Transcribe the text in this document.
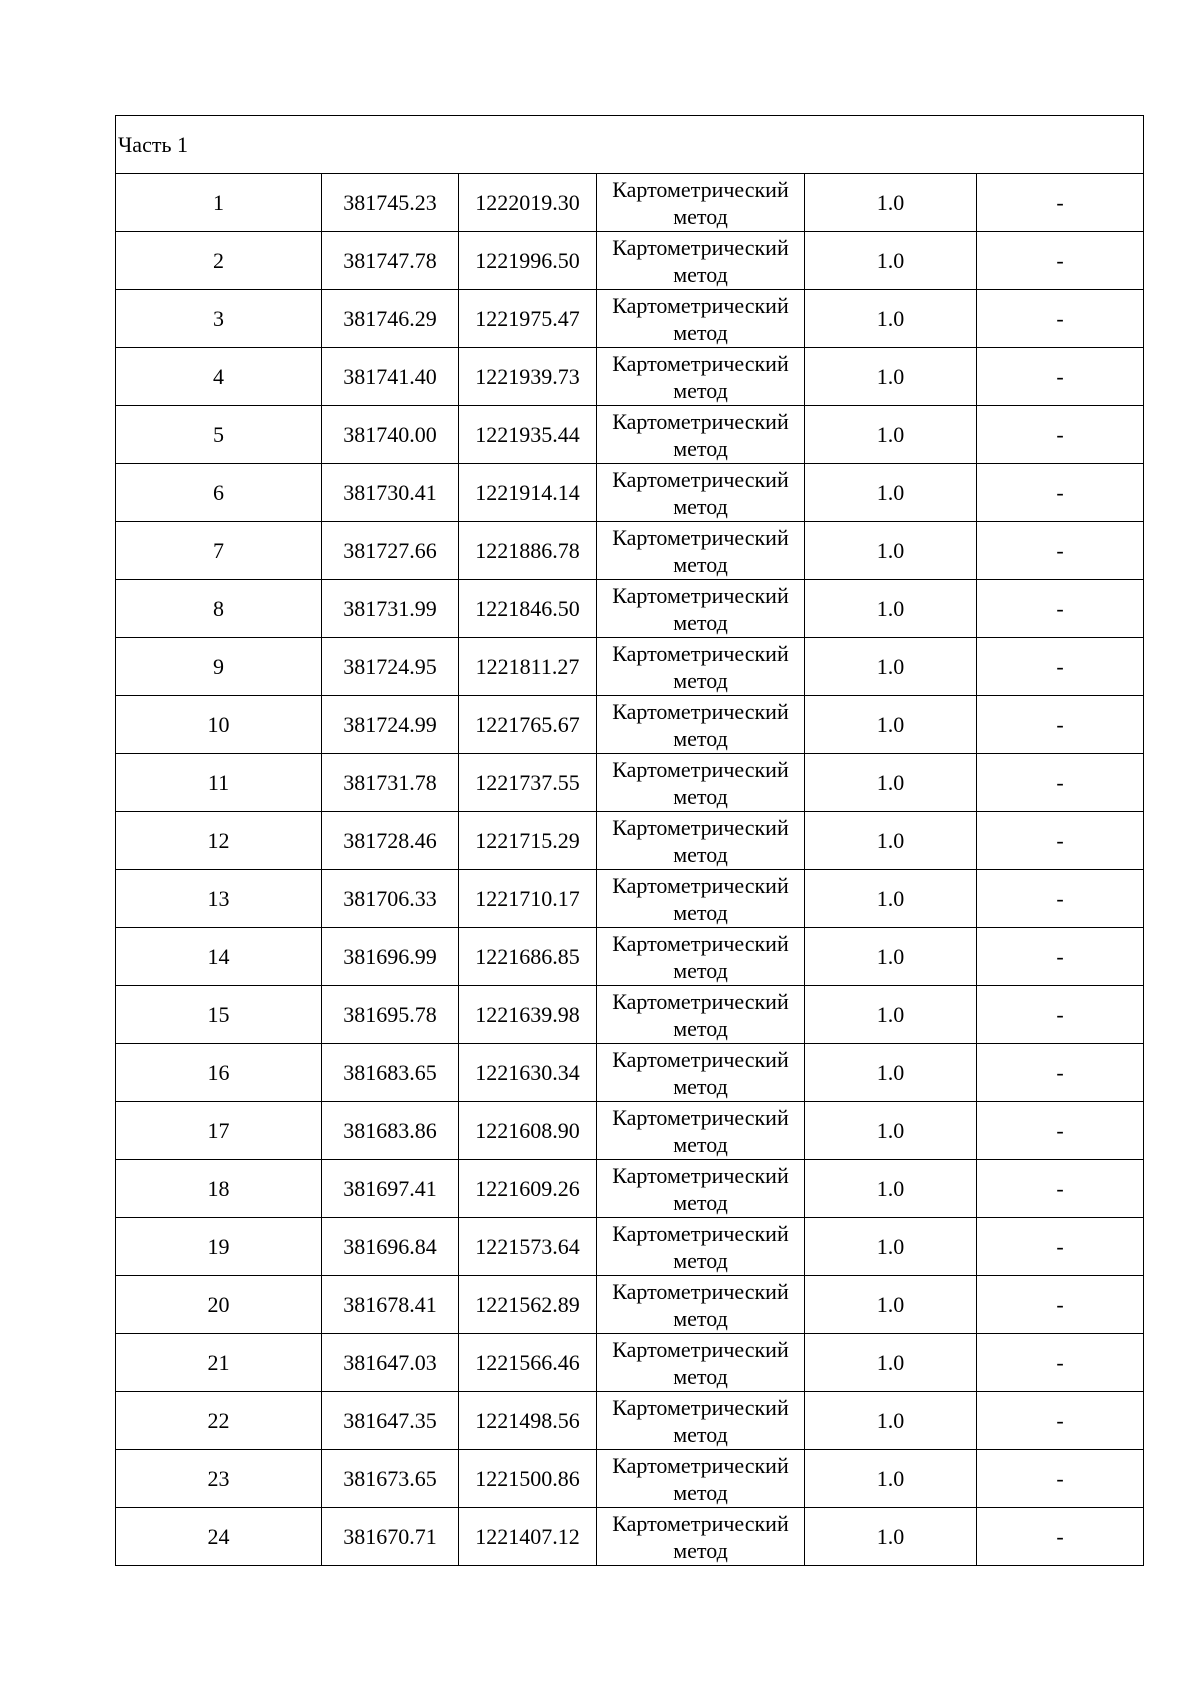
Часть 1					
1	381745.23	1222019.30	Картометрический метод	1.0	-
2	381747.78	1221996.50	Картометрический метод	1.0	-
3	381746.29	1221975.47	Картометрический метод	1.0	-
4	381741.40	1221939.73	Картометрический метод	1.0	-
5	381740.00	1221935.44	Картометрический метод	1.0	-
6	381730.41	1221914.14	Картометрический метод	1.0	-
7	381727.66	1221886.78	Картометрический метод	1.0	-
8	381731.99	1221846.50	Картометрический метод	1.0	-
9	381724.95	1221811.27	Картометрический метод	1.0	-
10	381724.99	1221765.67	Картометрический метод	1.0	-
11	381731.78	1221737.55	Картометрический метод	1.0	-
12	381728.46	1221715.29	Картометрический метод	1.0	-
13	381706.33	1221710.17	Картометрический метод	1.0	-
14	381696.99	1221686.85	Картометрический метод	1.0	-
15	381695.78	1221639.98	Картометрический метод	1.0	-
16	381683.65	1221630.34	Картометрический метод	1.0	-
17	381683.86	1221608.90	Картометрический метод	1.0	-
18	381697.41	1221609.26	Картометрический метод	1.0	-
19	381696.84	1221573.64	Картометрический метод	1.0	-
20	381678.41	1221562.89	Картометрический метод	1.0	-
21	381647.03	1221566.46	Картометрический метод	1.0	-
22	381647.35	1221498.56	Картометрический метод	1.0	-
23	381673.65	1221500.86	Картометрический метод	1.0	-
24	381670.71	1221407.12	Картометрический метод	1.0	-
